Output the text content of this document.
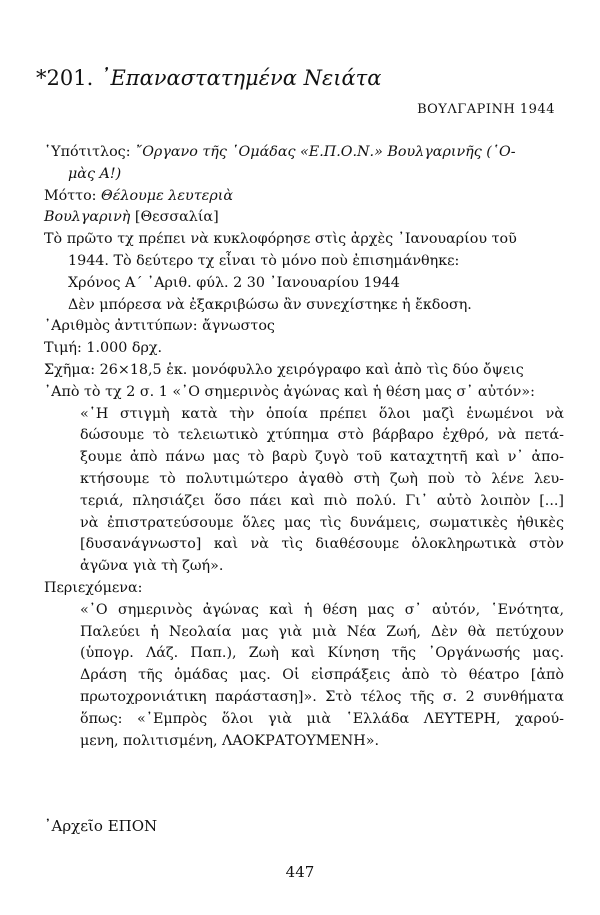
*201. ᾿Επαναστατημένα Νειάτα
ΒΟΥΛΓΑΡΙΝΗ 1944
῾Υπότιτλος: ῎Οργανο τῆς ῾Ομάδας «Ε.Π.Ο.Ν.» Βουλγαρινῆς (῾Ο-
μὰς Α!)
Μόττο: Θέλουμε λευτεριὰ
Βουλγαρινὴ [Θεσσαλία]
Τὸ πρῶτο τχ πρέπει νὰ κυκλοφόρησε στὶς ἀρχὲς ᾿Ιανουαρίου τοῦ
1944. Τὸ δεύτερο τχ εἶναι τὸ μόνο ποὺ ἐπισημάνθηκε:
Χρόνος Α΄ ᾿Αριθ. φύλ. 2 30 ᾿Ιανουαρίου 1944
Δὲν μπόρεσα νὰ ἐξακριβώσω ἂν συνεχίστηκε ἡ ἔκδοση.
᾿Αριθμὸς ἀντιτύπων: ἄγνωστος
Τιμή: 1.000 δρχ.
Σχῆμα: 26×18,5 ἑκ. μονόφυλλο χειρόγραφο καὶ ἀπὸ τὶς δύο ὄψεις
᾿Απὸ τὸ τχ 2 σ. 1 «᾿Ο σημερινὸς ἀγώνας καὶ ἡ θέση μας σ᾿ αὐτόν»:
«῾Η στιγμὴ κατὰ τὴν ὁποία πρέπει ὅλοι μαζὶ ἑνωμένοι νὰ
δώσουμε τὸ τελειωτικὸ χτύπημα στὸ βάρβαρο ἐχθρό, νὰ πετά-
ξουμε ἀπὸ πάνω μας τὸ βαρὺ ζυγὸ τοῦ καταχτητῆ καὶ ν᾿ ἀπο-
κτήσουμε τὸ πολυτιμώτερο ἀγαθὸ στὴ ζωὴ ποὺ τὸ λένε λευ-
τεριά, πλησιάζει ὅσο πάει καὶ πιὸ πολύ. Γι᾿ αὐτὸ λοιπὸν [...]
νὰ ἐπιστρατεύσουμε ὅλες μας τὶς δυνάμεις, σωματικὲς ἠθικὲς
[δυσανάγνωστο] καὶ νὰ τὶς διαθέσουμε ὁλοκληρωτικὰ στὸν
ἀγῶνα γιὰ τὴ ζωή».
Περιεχόμενα:
«᾿Ο σημερινὸς ἀγώνας καὶ ἡ θέση μας σ᾿ αὐτόν, ῾Ενότητα,
Παλεύει ἡ Νεολαία μας γιὰ μιὰ Νέα Ζωή, Δὲν θὰ πετύχουν
(ὑπογρ. Λάζ. Παπ.), Ζωὴ καὶ Κίνηση τῆς ᾿Οργάνωσής μας.
Δράση τῆς ὁμάδας μας. Οἱ εἰσπράξεις ἀπὸ τὸ θέατρο [ἀπὸ
πρωτοχρονιάτικη παράσταση]». Στὸ τέλος τῆς σ. 2 συνθήματα
ὅπως: «᾿Εμπρὸς ὅλοι γιὰ μιὰ ῾Ελλάδα ΛΕΥΤΕΡΗ, χαρού-
μενη, πολιτισμένη, ΛΑΟΚΡΑΤΟΥΜΕΝΗ».
᾿Αρχεῖο ΕΠΟΝ
447
